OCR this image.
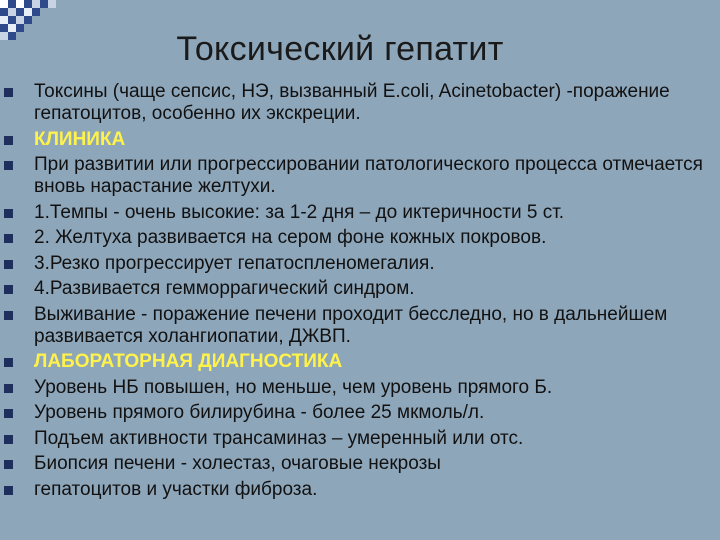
Токсический гепатит
Токсины (чаще сепсис, НЭ, вызванный E.coli, Acinetobacter) -поражение гепатоцитов, особенно их экскреции.
КЛИНИКА
При развитии или прогрессировании патологического процесса отмечается вновь нарастание желтухи.
1.Темпы - очень высокие: за 1-2 дня – до иктеричности 5 ст.
2. Желтуха развивается на сером фоне кожных покровов.
3.Резко прогрессирует гепатоспленомегалия.
4.Развивается гемморрагический синдром.
Выживание - поражение печени проходит бесследно, но в дальнейшем развивается холангиопатии, ДЖВП.
ЛАБОРАТОРНАЯ ДИАГНОСТИКА
Уровень НБ повышен, но меньше, чем уровень прямого Б.
Уровень прямого билирубина - более 25 мкмоль/л.
Подъем активности трансаминаз – умеренный или отс.
Биопсия печени - холестаз, очаговые некрозы
гепатоцитов и участки фиброза.
